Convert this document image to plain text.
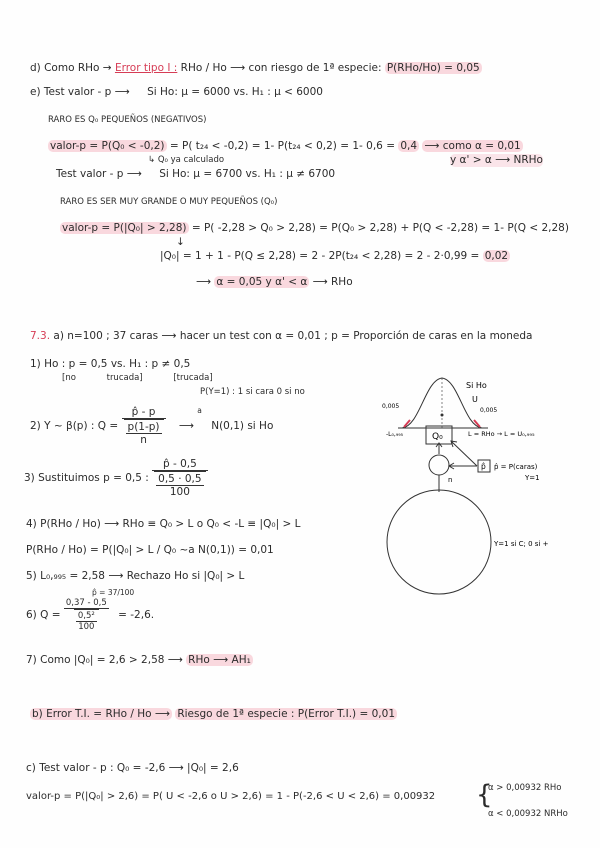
d) Como RHo → Error tipo I : RHo / Ho ⟶ con riesgo de 1ª especie: P(RHo/Ho) = 0,05
e) Test valor - p ⟶ Si Ho: μ = 6000 vs. H₁ : μ < 6000
RARO ES Q₀ PEQUEÑOS (NEGATIVOS)
valor-p = P(Q₀ < -0,2) = P( t₂₄ < -0,2) = 1- P(t₂₄ < 0,2) = 1- 0,6 = 0,4 ⟶ como α = 0,01
↳ Q₀ ya calculado	y α' > α ⟶ NRHo
Test valor - p ⟶ Si Ho: μ = 6700 vs. H₁ : μ ≠ 6700
RARO ES SER MUY GRANDE O MUY PEQUEÑOS (Q₀)
valor-p = P(|Q₀| > 2,28) = P( -2,28 > Q₀ > 2,28) = P(Q₀ > 2,28) + P(Q < -2,28) = 1- P(Q < 2,28)
↓
|Q₀| = 1 + 1 - P(Q ≤ 2,28) = 2 - 2P(t₂₄ < 2,28) = 2 - 2·0,99 = 0,02
⟶ α = 0,05 y α' < α ⟶ RHo
7.3. a) n=100 ; 37 caras ⟶ hacer un test con α = 0,01 ; p = Proporción de caras en la moneda
1) Ho : p = 0,5 vs. H₁ : p ≠ 0,5
[no trucada] [trucada]
P(Y=1) : 1 si cara 0 si no
2) Y ~ β(p) : $Q = \frac{p̂ - p}{\frac{p(1-p)}{n}}$ ⟶ $^a$ N(0,1) si Ho
3) Sustituimos p = 0,5 : $\frac{p̂ - 0,5}{\frac{0,5 \cdot 0,5}{100}}$
4) P(RHo / Ho) ⟶ RHo ≡ Q₀ > L o Q₀ < -L ≡ |Q₀| > L
P(RHo / Ho) = P(|Q₀| > L / Q₀ ~a N(0,1)) = 0,01
5) L₀,₉₉₅ = 2,58 ⟶ Rechazo Ho si |Q₀| > L
p̂ = 37/100
6) $Q = \frac{0,37 - 0,5}{\frac{\text{0,5²}}{100}} = -2,6$.
7) Como |Q₀| = 2,6 > 2,58 ⟶ RHo ⟶ AH₁
b) Error T.I. = RHo / Ho ⟶ Riesgo de 1ª especie : P(Error T.I.) = 0,01
c) Test valor - p : Q₀ = -2,6 ⟶ |Q₀| = 2,6
valor-p = P(|Q₀| > 2,6) = P( U < -2,6 o U > 2,6) = 1 - P(-2,6 < U < 2,6) = 0,00932 {
α > 0,00932 RHo
α < 0,00932 NRHo
Si Ho
U
0,005
0,005
-L₀,₉₉₅	L = RHo → L = U₀,₉₉₅
Q₀
n
p̂ p̂ = P(caras)
Y=1
Y=1 si C; 0 si +
